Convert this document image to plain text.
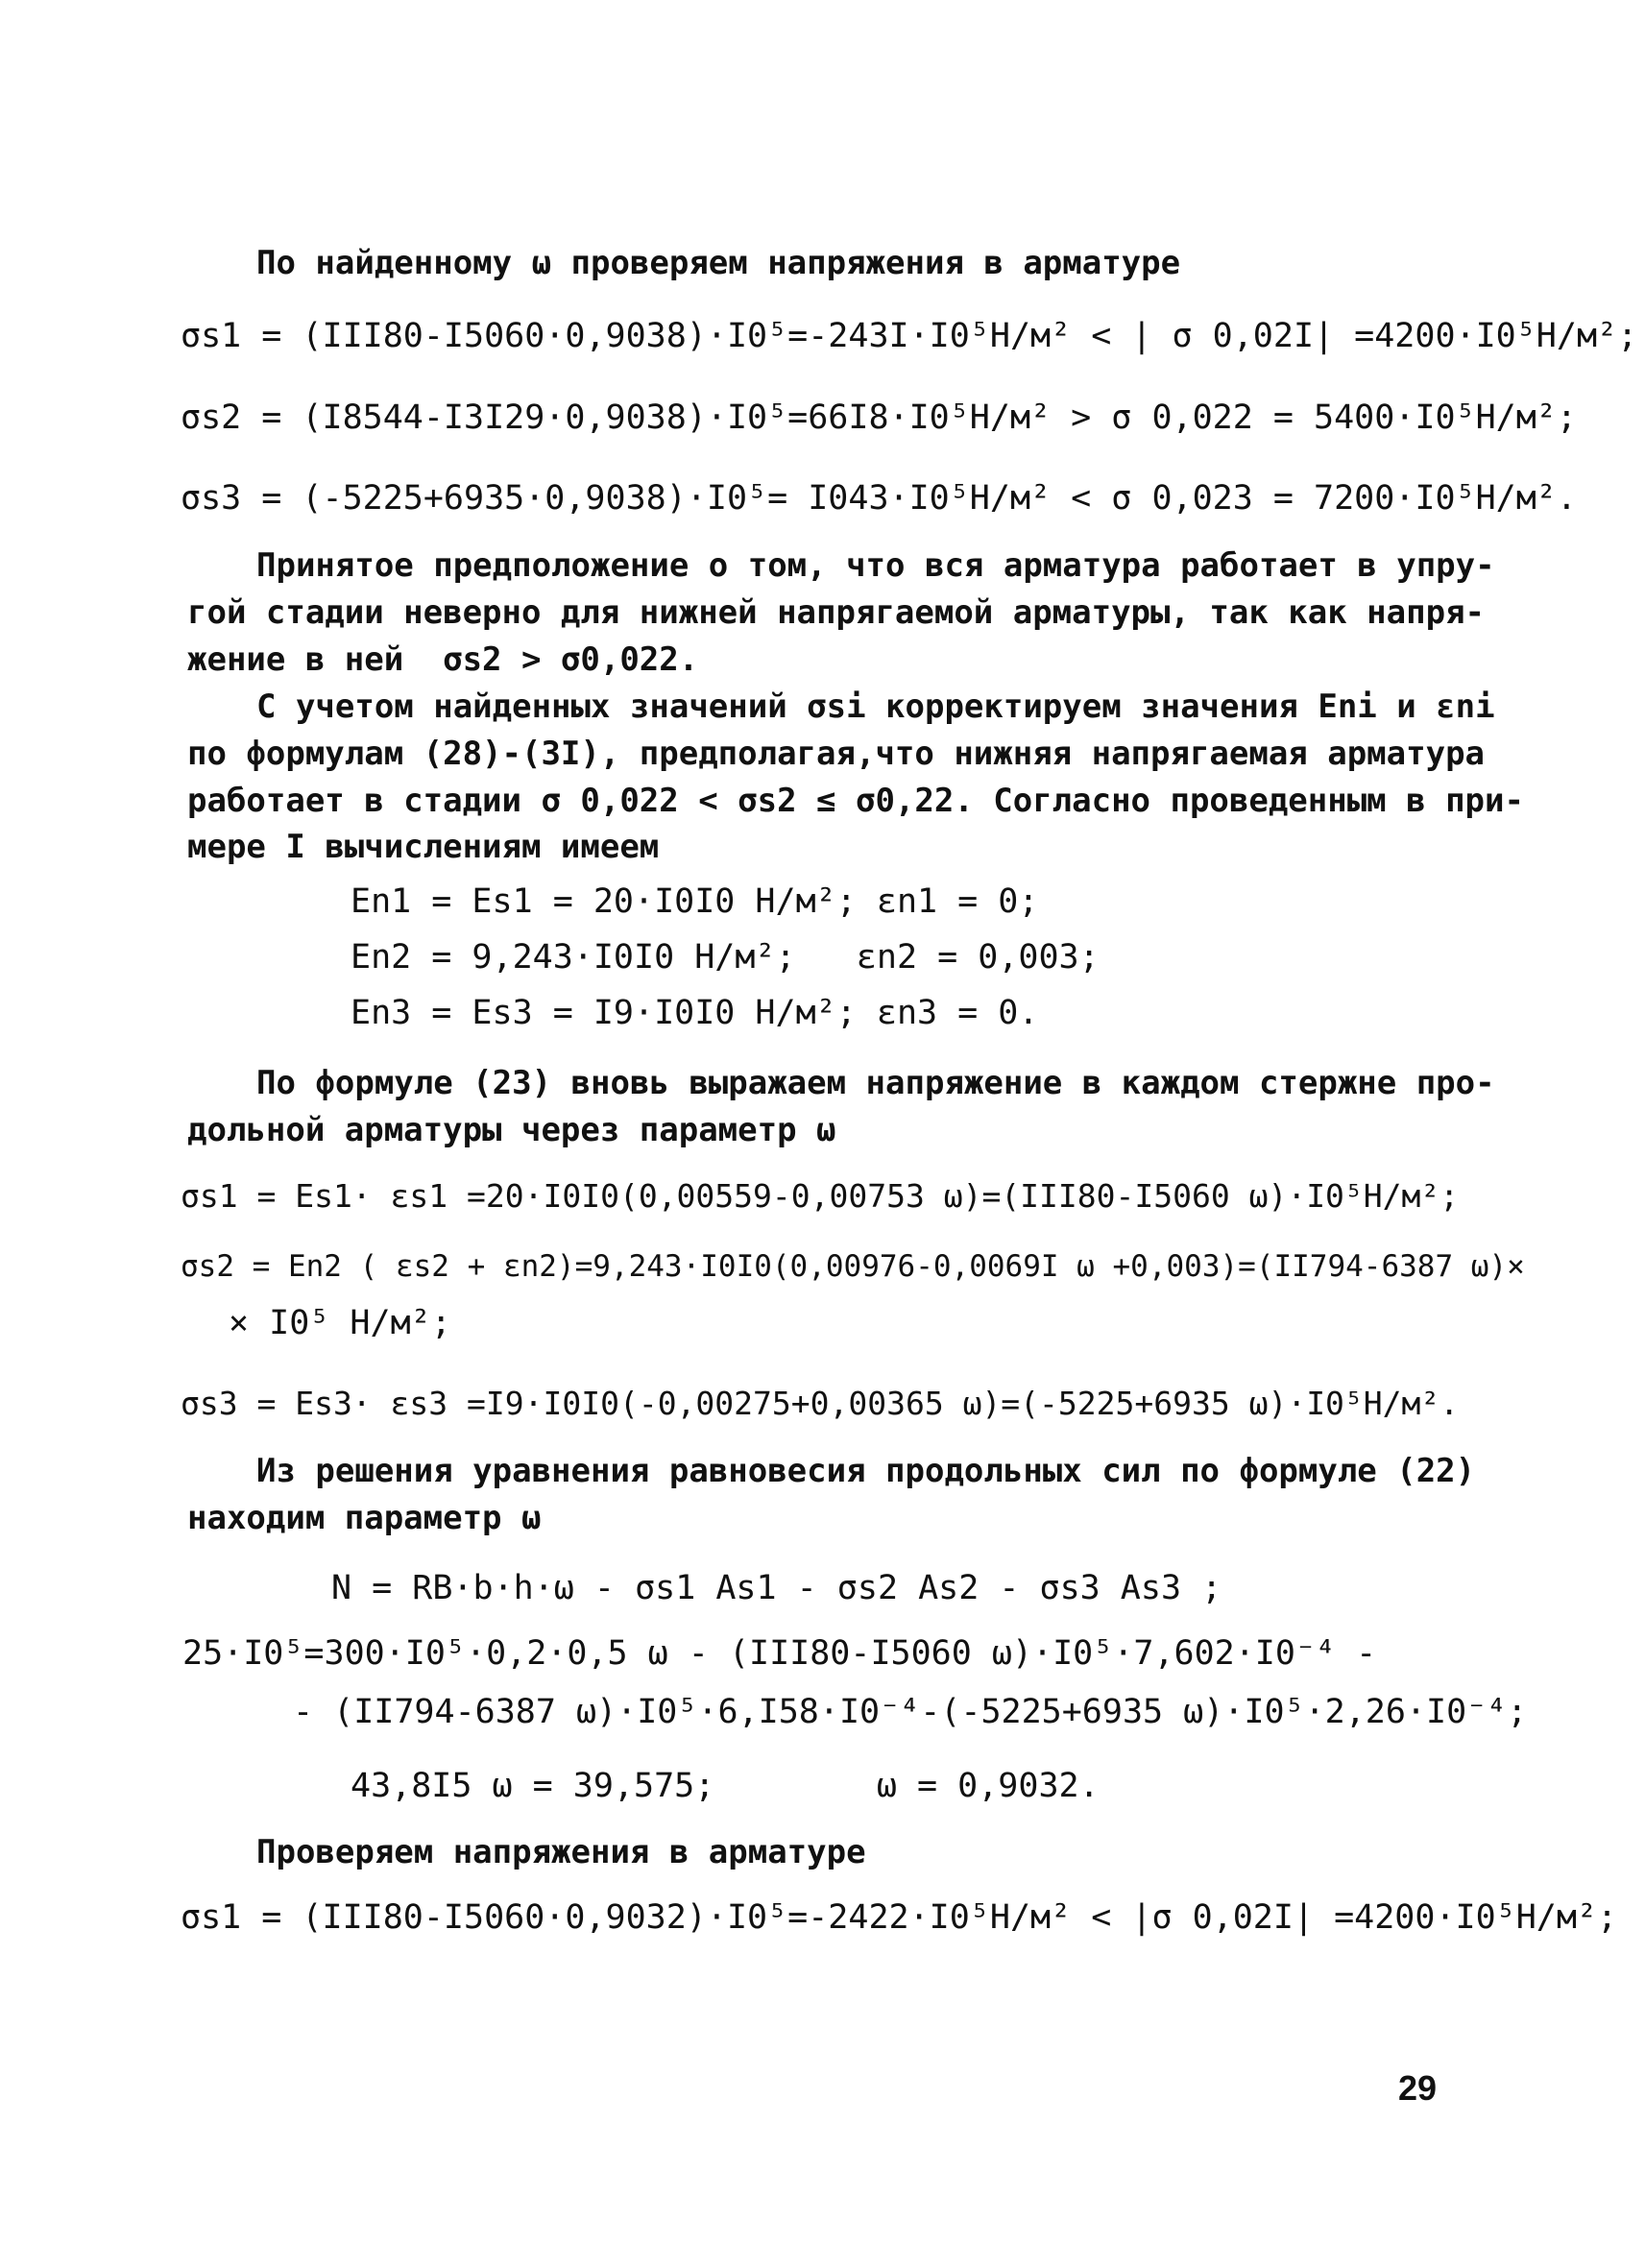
По найденному ω проверяем напряжения в арматуре
σs1 = (III80-I5060·0,9038)·I0⁵=-243I·I0⁵Н/м² < | σ 0,02I| =4200·I0⁵Н/м²;
σs2 = (I8544-I3I29·0,9038)·I0⁵=66I8·I0⁵Н/м² > σ 0,022 = 5400·I0⁵Н/м²;
σs3 = (-5225+6935·0,9038)·I0⁵= I043·I0⁵Н/м² < σ 0,023 = 7200·I0⁵Н/м².
Принятое предположение о том, что вся арматура работает в упру-
гой стадии неверно для нижней напрягаемой арматуры, так как напря-
жение в ней  σs2 > σ0,022.
С учетом найденных значений σsi корректируем значения Eni и εni
по формулам (28)-(3I), предполагая,что нижняя напрягаемая арматура
работает в стадии σ 0,022 < σs2 ≤ σ0,22. Согласно проведенным в при-
мере I вычислениям имеем
En1 = Es1 = 20·I0I0 Н/м²; εn1 = 0;
En2 = 9,243·I0I0 Н/м²;   εn2 = 0,003;
En3 = Es3 = I9·I0I0 Н/м²; εn3 = 0.
По формуле (23) вновь выражаем напряжение в каждом стержне про-
дольной арматуры через параметр ω
σs1 = Es1· εs1 =20·I0I0(0,00559-0,00753 ω)=(III80-I5060 ω)·I0⁵Н/м²;
σs2 = En2 ( εs2 + εn2)=9,243·I0I0(0,00976-0,0069I ω +0,003)=(II794-6387 ω)×
× I0⁵ Н/м²;
σs3 = Es3· εs3 =I9·I0I0(-0,00275+0,00365 ω)=(-5225+6935 ω)·I0⁵Н/м².
Из решения уравнения равновесия продольных сил по формуле (22)
находим параметр ω
N = RB·b·h·ω - σs1 As1 - σs2 As2 - σs3 As3 ;
25·I0⁵=300·I0⁵·0,2·0,5 ω - (III80-I5060 ω)·I0⁵·7,602·I0⁻⁴ -
- (II794-6387 ω)·I0⁵·6,I58·I0⁻⁴-(-5225+6935 ω)·I0⁵·2,26·I0⁻⁴;
43,8I5 ω = 39,575;        ω = 0,9032.
Проверяем напряжения в арматуре
σs1 = (III80-I5060·0,9032)·I0⁵=-2422·I0⁵Н/м² < |σ 0,02I| =4200·I0⁵Н/м²;
29
